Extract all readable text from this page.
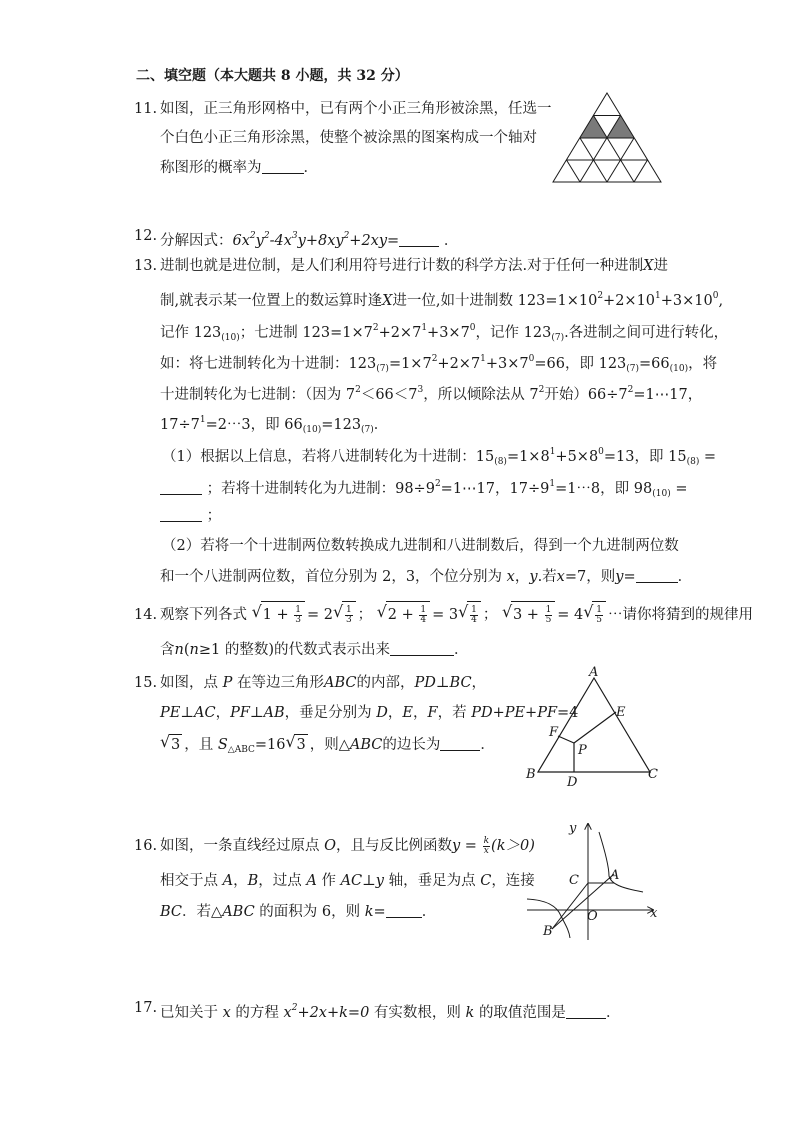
二、填空题（本大题共 8 小题，共 32 分）
11. 如图，正三角形网格中，已有两个小正三角形被涂黑，任选一
个白色小正三角形涂黑，使整个被涂黑的图案构成一个轴对
称图形的概率为	．
12. 分解因式：$6x^2y^2-4x^3y+8xy^2+2xy=$	．
13. 进制也就是进位制，是人们利用符号进行计数的科学方法.对于任何一种进制X进
制,就表示某一位置上的数运算时逢X进一位,如十进制数 $123=1\times 10^2+2\times 10^1+3\times 10^0$,
记作 $123_{(10)}$；七进制 $123=1\times 7^2+2\times 7^1+3\times 7^0$，记作 $123_{(7)}$.各进制之间可进行转化，
如：将七进制转化为十进制：$123_{(7)}=1\times 7^2+2\times 7^1+3\times 7^0=66$，即 $123_{(7)}=66_{(10)}$，将
十进制转化为七进制：（因为 $7^2<66<7^3$，所以倾除法从 $7^2$开始）$66\div 7^2=1\cdots 17$，
$17\div 7^1=2\cdots 3$，即 $66_{(10)}=123_{(7)}$．
（1）根据以上信息，若将八进制转化为十进制：$15_{(8)}=1\times 8^1+5\times 8^0=13$，即 $15_{(8)}$ =
；若将十进制转化为九进制：$98\div 9^2=1\cdots 17$，$17\div 9^1=1\cdots 8$，即 $98_{(10)}$ =
；
（2）若将一个十进制两位数转换成九进制和八进制数后，得到一个九进制两位数
和一个八进制两位数，首位分别为 2，3，个位分别为 x，y.若x=7，则y=	．
14. 观察下列各式 √ $1 + \frac{1}{3} = 2$ √ $\frac{1}{3}$ ； √ $2 + \frac{1}{4} = 3$ √ $\frac{1}{4}$ ； √ $3 + \frac{1}{5} = 4$ √ $\frac{1}{5}$ ⋯请你将猜到的规律用
含n(n≥1 的整数)的代数式表示出来	．
15. 如图，点 P 在等边三角形ABC的内部，PD⊥BC，
PE⊥AC，PF⊥AB，垂足分别为 D，E，F，若 PD+PE+PF=4
√ 3 ，且 $S_{\triangle ABC}=16$ √ 3 ，则△ABC的边长为	．
A
B	C
D
E
F
P
16. 如图，一条直线经过原点 O，且与反比例函数$y = \frac{k}{x} (k>0)$
相交于点 A，B，过点 A 作 AC⊥y 轴，垂足为点 C，连接
BC．若△ABC 的面积为 6，则 k= ．
y
x
A
B
C
O
17. 已知关于 x 的方程 $x^2+2x+k=0$ 有实数根，则 k 的取值范围是	．
